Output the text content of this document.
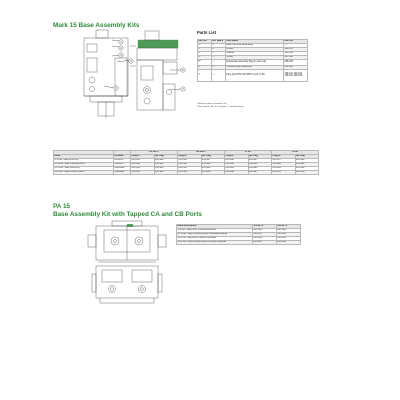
Mark 15 Base Assembly Kits
1
2
3
4
5
6	7
Parts List
Ref. No.	No. Req'd	Part Name	Part No.
—	—	Base (not sold separately)	—
1 *	2	Screw	120-170
2 *	—	Washer	126-160
3 *	—	Screw	127-060
5 *	—	Nameplate Assembly Plug-in units only	235-019
6 *	—	Conduit Cover Assembly	235-303
7	—	Plug 1/4 NPTF 3/8 NPTF G 1/4 G 3/8	128-101 126-102 128-181 128-198
*Indicates parts included in kit.
†Not used on 3A, 3C, plug-less - consult factory.
		1/4 NPTF		3/8 NPTF		G 1/4		G 3/8	
Base	Exhaust	Plug-in	No Plug	Plug-in	No Plug	Plug-in	No Plug	Plug-in	No Plug
3/ & 3B: Side ports only	common	235-354	235-949	235-355	235-957	235-946	235-957	235-947	235-960
3C & 3D: Side & bottom ports	common	235-302	235-942	235-303	235-944	235-910	235-955	235-908	235-962
3C & 3D: Side ports only	individual	235-304	235-944	235-305	235-945	235-911	235-961	235-913	235-964
3A & 3B: Side & bottom ports	individual	235-362	235-948	235-363	235-949	235-898	235-987	235-870	235-966
PA 15
Base Assembly Kit with Tapped CA and CB Ports
Base Description	1/4 NPTF	3/8 NPTF
3/ & 3B: Side ports, individual exhaust	235-486	235-488
3C & 3D: Side & bottom ports, individual exhaust	235-457	235-464
3A & 3B: Side ports, common exhaust	235-402	235-403
3A & 3D: Side & bottom ports, common exhaust	235-405	235-466
